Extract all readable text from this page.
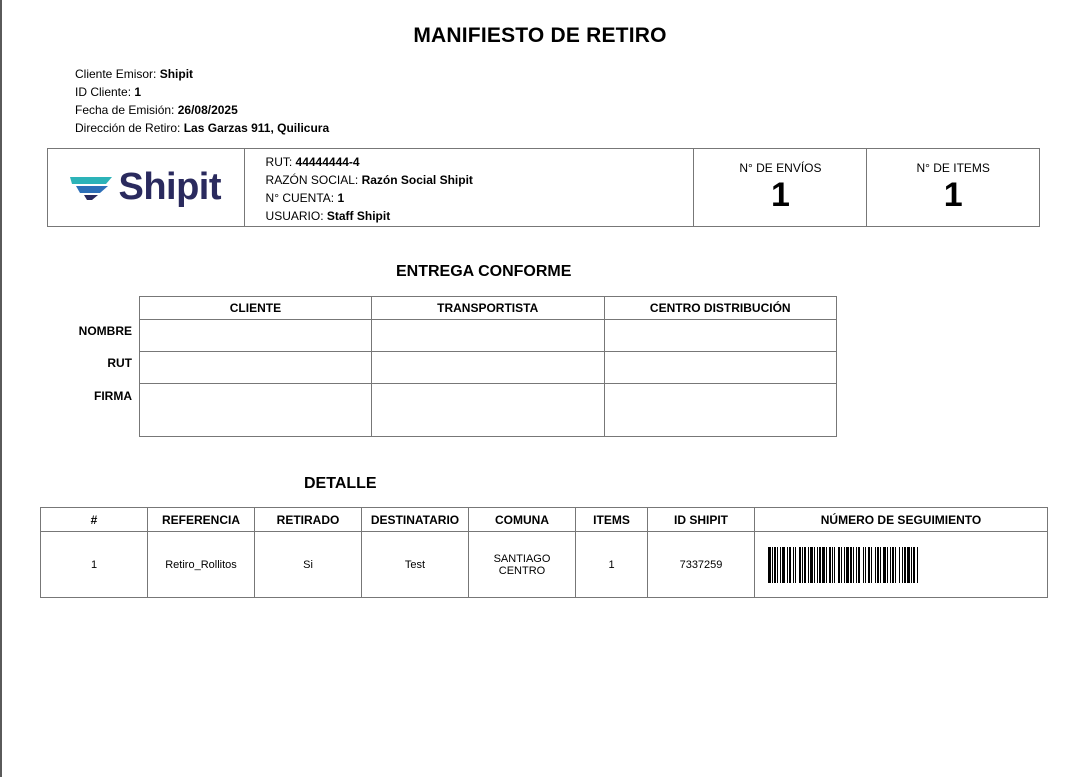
MANIFIESTO DE RETIRO
Cliente Emisor: Shipit
ID Cliente: 1
Fecha de Emisión: 26/08/2025
Dirección de Retiro: Las Garzas 911, Quilicura
Shipit

RUT: 44444444-4
RAZÓN SOCIAL: Razón Social Shipit
N° CUENTA: 1
USUARIO: Staff Shipit

N° DE ENVÍOS
1

N° DE ITEMS
1
ENTREGA CONFORME
NOMBRE
RUT
FIRMA
CLIENTE	TRANSPORTISTA	CENTRO DISTRIBUCIÓN

DETALLE
#	REFERENCIA	RETIRADO	DESTINATARIO	COMUNA	ITEMS	ID SHIPIT	NÚMERO DE SEGUIMIENTO
1	Retiro_Rollitos	Si	Test	SANTIAGO CENTRO	1	7337259	
